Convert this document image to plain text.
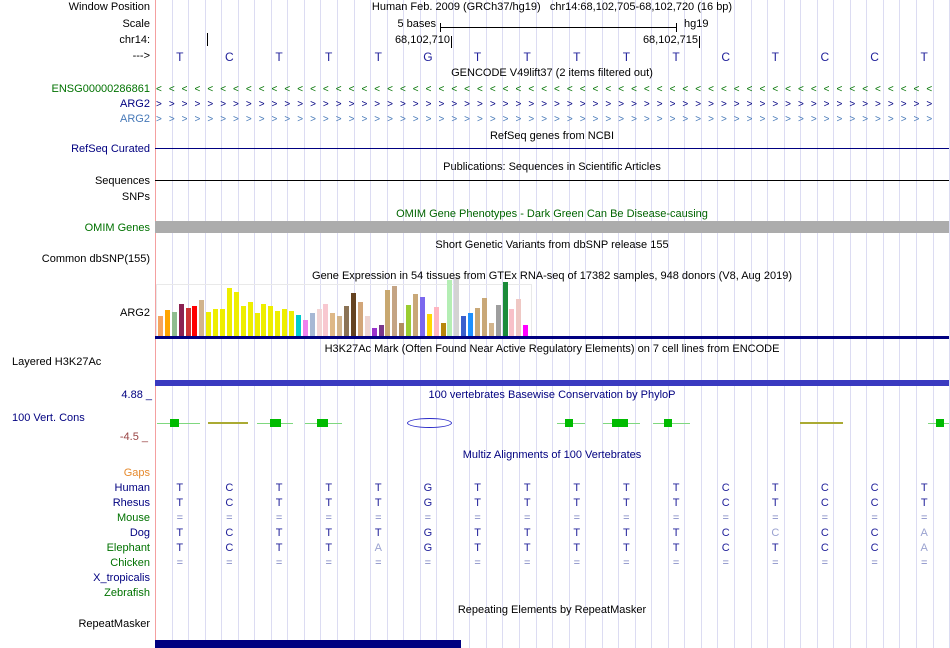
Window Position	Human Feb. 2009 (GRCh37/hg19)   chr14:68,102,705-68,102,720 (16 bp)
Scale	5 bases	hg19
chr14:	68,102,710	68,102,715
--->
GENCODE V49lift37 (2 items filtered out)
ENSG00000286861
ARG2
ARG2
RefSeq genes from NCBI
RefSeq Curated
Publications: Sequences in Scientific Articles
Sequences
SNPs
OMIM Gene Phenotypes - Dark Green Can Be Disease-causing
OMIM Genes
Short Genetic Variants from dbSNP release 155
Common dbSNP(155)
Gene Expression in 54 tissues from GTEx RNA-seq of 17382 samples, 948 donors (V8, Aug 2019)
ARG2
H3K27Ac Mark (Often Found Near Active Regulatory Elements) on 7 cell lines from ENCODE
Layered H3K27Ac
4.88 _	100 vertebrates Basewise Conservation by PhyloP
100 Vert. Cons
-4.5 _
Multiz Alignments of 100 Vertebrates
Repeating Elements by RepeatMasker
RepeatMasker
T	C	T	T	T	G	T	T	T	T	T	C	T	C	C	T
<<<<<<<<<<<<<<<<<<<<<<<<<<<<<<<<<<<<<<<<<<<<<<<<<<<<<<<<<<<<<
>>>>>>>>>>>>>>>>>>>>>>>>>>>>>>>>>>>>>>>>>>>>>>>>>>>>>>>>>>>>>
>>>>>>>>>>>>>>>>>>>>>>>>>>>>>>>>>>>>>>>>>>>>>>>>>>>>>>>>>>>>>
Gaps
Human	T	C	T	T	T	G	T	T	T	T	T	C	T	C	C	T
Rhesus	T	C	T	T	T	G	T	T	T	T	T	C	T	C	C	T
Mouse	=	=	=	=	=	=	=	=	=	=	=	=	=	=	=	=
Dog	T	C	T	T	T	G	T	T	T	T	T	C	C	C	C	A
Elephant	T	C	T	T	A	G	T	T	T	T	T	C	T	C	C	A
Chicken	=	=	=	=	=	=	=	=	=	=	=	=	=	=	=	=
X_tropicalis
Zebrafish
